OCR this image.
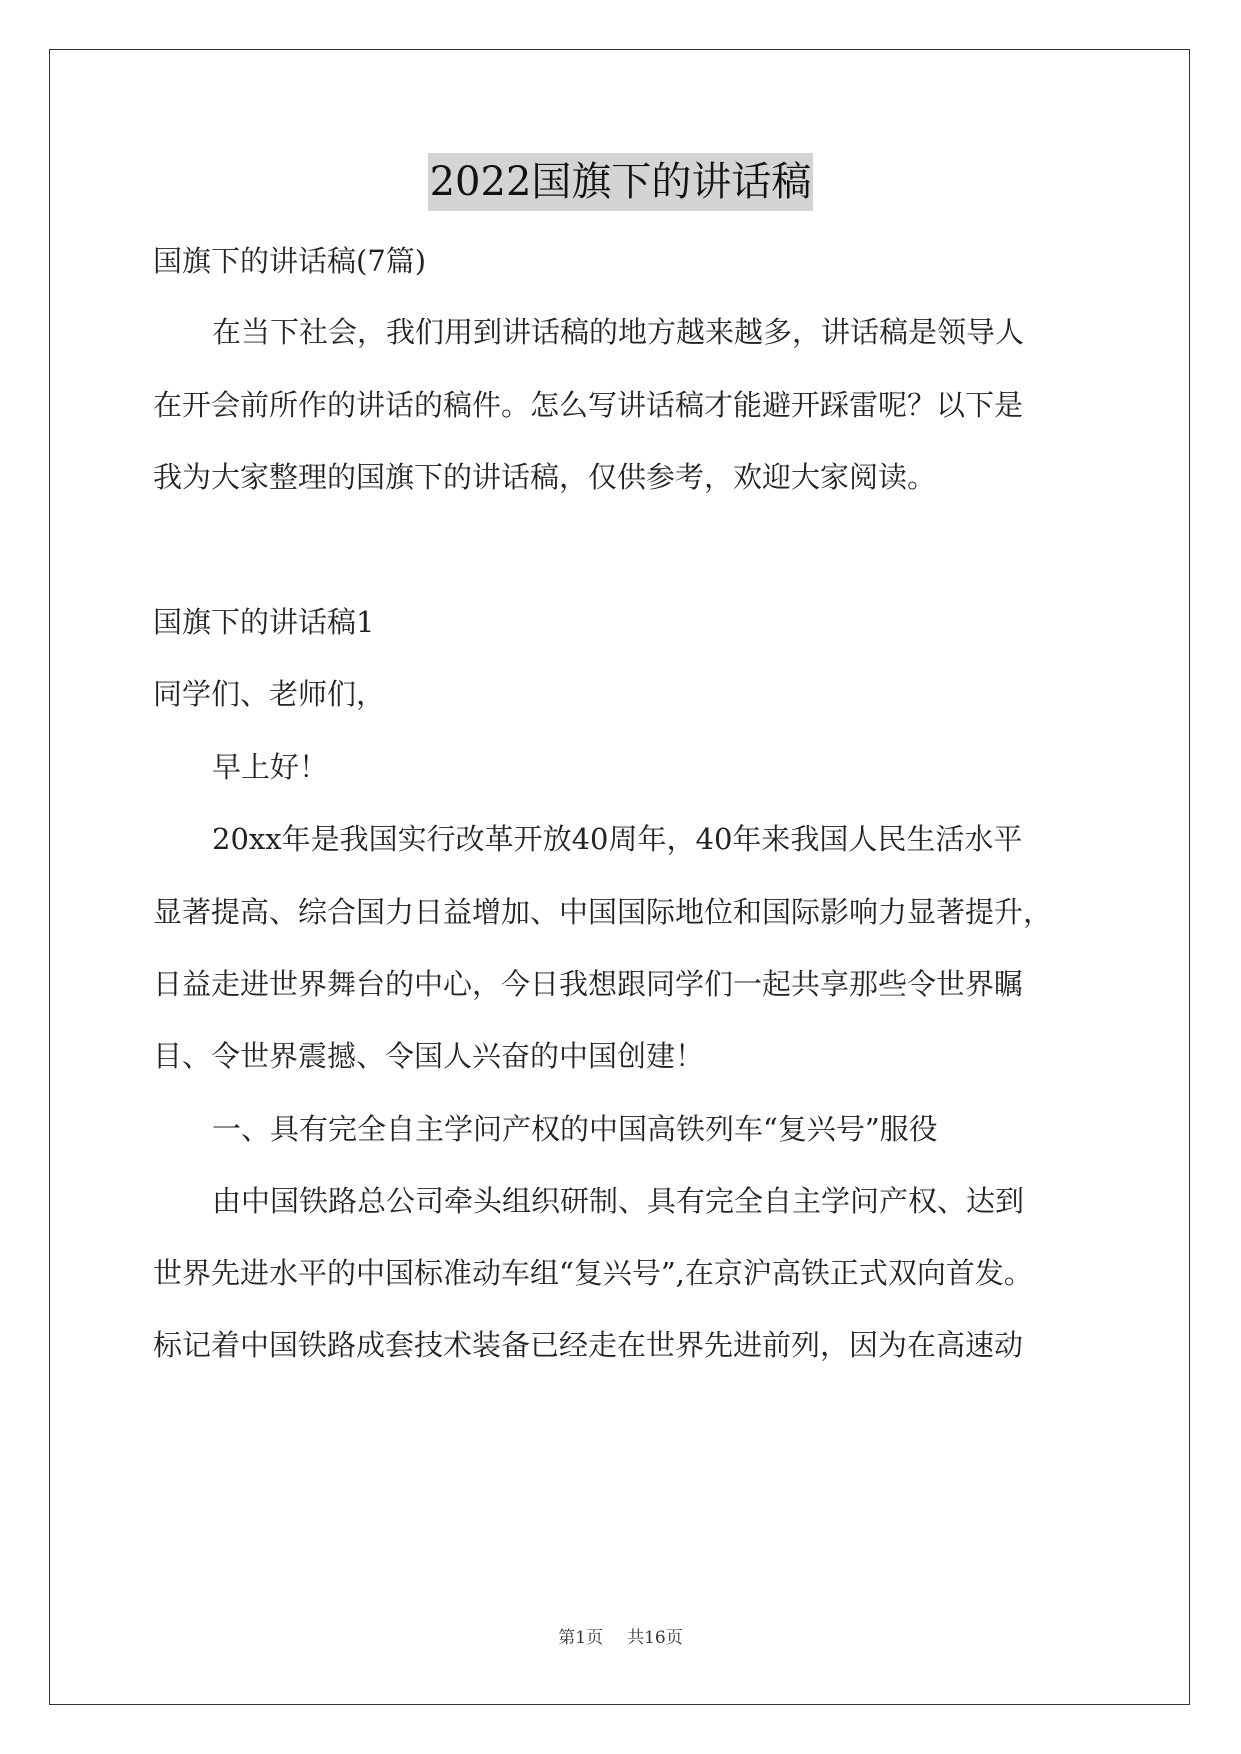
2022国旗下的讲话稿
国旗下的讲话稿(7篇)
在当下社会，我们用到讲话稿的地方越来越多，讲话稿是领导人
在开会前所作的讲话的稿件。怎么写讲话稿才能避开踩雷呢？以下是
我为大家整理的国旗下的讲话稿，仅供参考，欢迎大家阅读。
国旗下的讲话稿1
同学们、老师们，
早上好！
20xx年是我国实行改革开放40周年，40年来我国人民生活水平
显著提高、综合国力日益增加、中国国际地位和国际影响力显著提升，
日益走进世界舞台的中心，今日我想跟同学们一起共享那些令世界瞩
目、令世界震撼、令国人兴奋的中国创建！
一、具有完全自主学问产权的中国高铁列车“复兴号”服役
由中国铁路总公司牵头组织研制、具有完全自主学问产权、达到
世界先进水平的中国标准动车组“复兴号”,在京沪高铁正式双向首发。
标记着中国铁路成套技术装备已经走在世界先进前列，因为在高速动
第1页 共16页
